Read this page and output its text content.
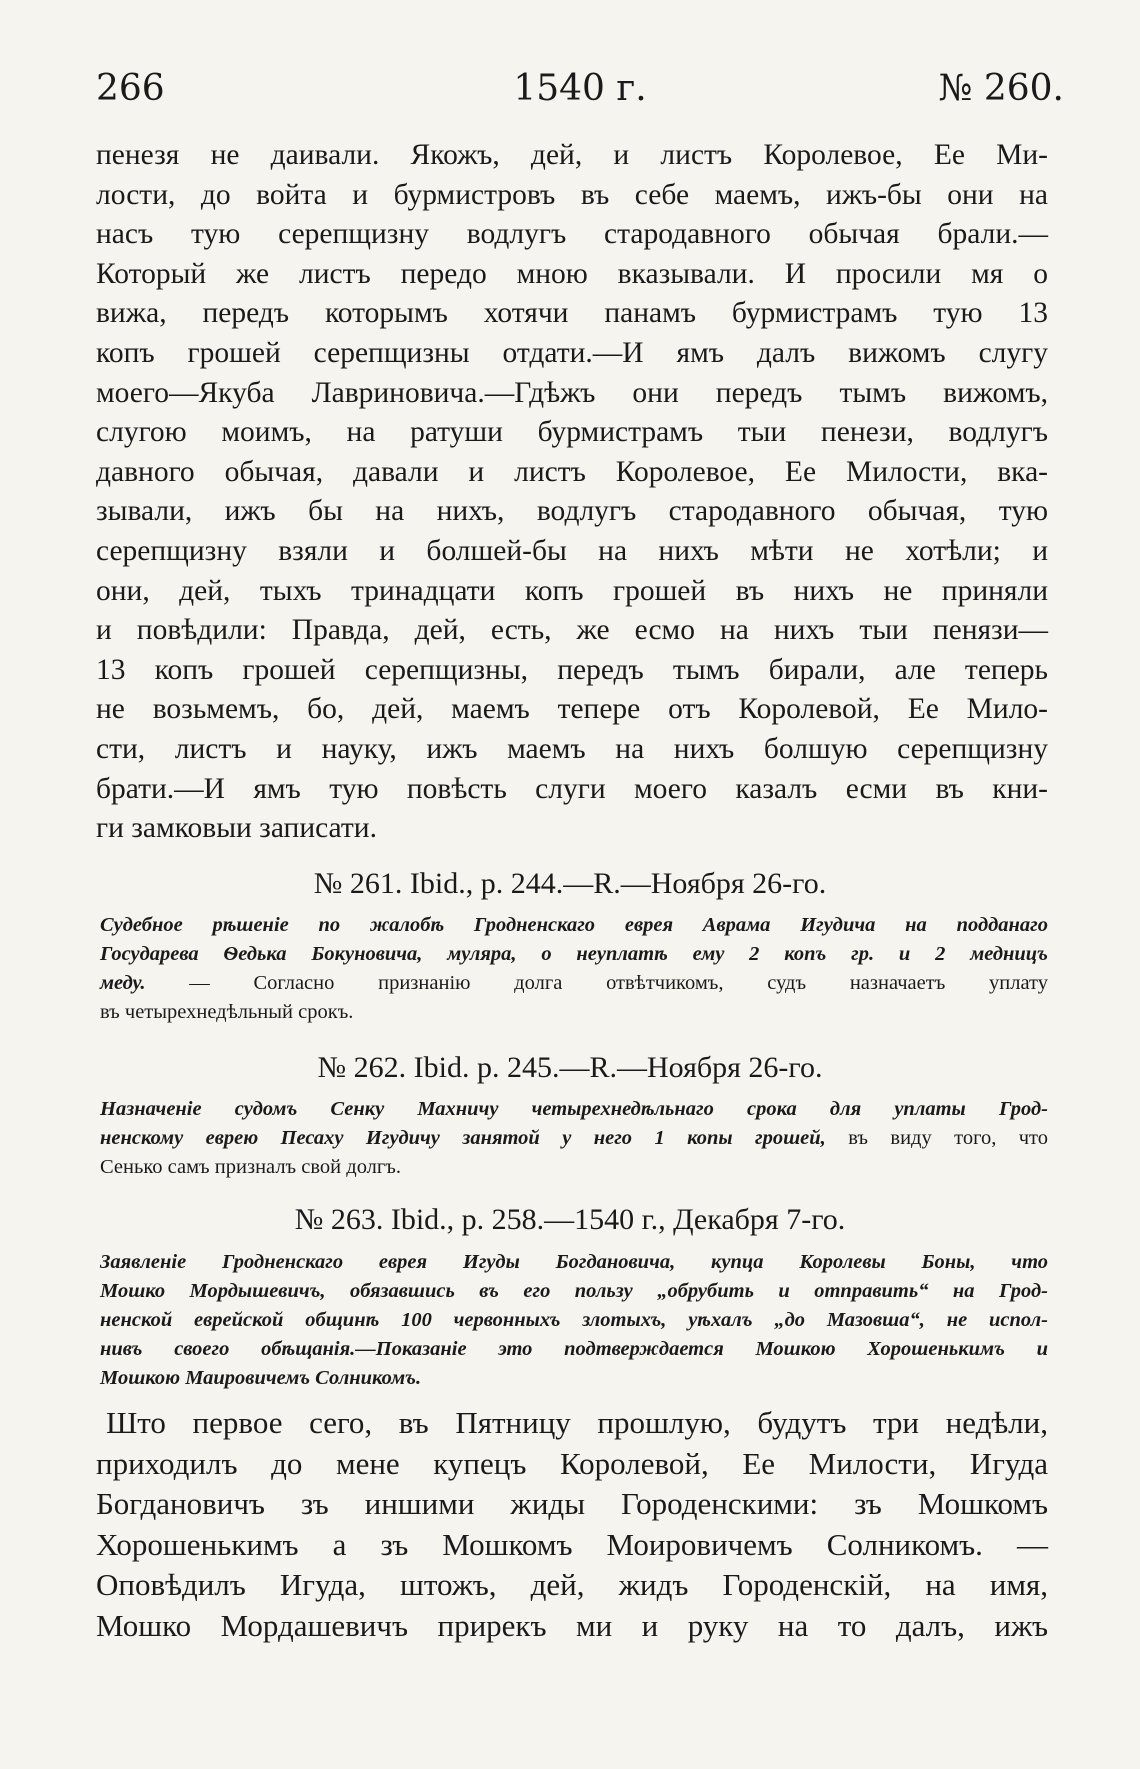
266	1540 г.	№ 260.
пенезя не даивали. Якожъ, дей, и листъ Королевое, Ее Ми-
лости, до войта и бурмистровъ въ себе маемъ, ижъ-бы они на
насъ тую серепщизну водлугъ стародавного обычая брали.—
Который же листъ передо мною вказывали. И просили мя о
вижа, передъ которымъ хотячи панамъ бурмистрамъ тую 13
копъ грошей серепщизны отдати.—И ямъ далъ вижомъ слугу
моего—Якуба Лавриновича.—Гдѣжъ они передъ тымъ вижомъ,
слугою моимъ, на ратуши бурмистрамъ тыи пенези, водлугъ
давного обычая, давали и листъ Королевое, Ее Милости, вка-
зывали, ижъ бы на нихъ, водлугъ стародавного обычая, тую
серепщизну взяли и болшей-бы на нихъ мѣти не хотѣли; и
они, дей, тыхъ тринадцати копъ грошей въ нихъ не приняли
и повѣдили: Правда, дей, есть, же есмо на нихъ тыи пенязи—
13 копъ грошей серепщизны, передъ тымъ бирали, але теперь
не возьмемъ, бо, дей, маемъ тепере отъ Королевой, Ее Мило-
сти, листъ и науку, ижъ маемъ на нихъ болшую серепщизну
брати.—И ямъ тую повѣсть слуги моего казалъ есми въ кни-
ги замковыи записати.
№ 261. Ibid., р. 244.—R.—Ноября 26-го.
Судебное рѣшеніе по жалобѣ Гродненскаго еврея Аврама Игудича на подданаго
Государева Ѳедька Бокуновича, муляра, о неуплатѣ ему 2 копъ гр. и 2 медницъ
меду. — Согласно признанію долга отвѣтчикомъ, судъ назначаетъ уплату
въ четырехнедѣльный срокъ.
№ 262. Ibid. р. 245.—R.—Ноября 26-го.
Назначеніе судомъ Сенку Махничу четырехнедѣльнаго срока для уплаты Грод-
ненскому еврею Песаху Игудичу занятой у него 1 копы грошей, въ виду того, что
Сенько самъ призналъ свой долгъ.
№ 263. Ibid., р. 258.—1540 г., Декабря 7-го.
Заявленіе Гродненскаго еврея Игуды Богдановича, купца Королевы Боны, что
Мошко Мордышевичъ, обязавшись въ его пользу „обрубить и отправить“ на Грод-
ненской еврейской общинѣ 100 червонныхъ злотыхъ, уѣхалъ „до Мазовша“, не испол-
нивъ своего обѣщанія.—Показаніе это подтверждается Мошкою Хорошенькимъ и
Мошкою Маировичемъ Солникомъ.
Што первое сего, въ Пятницу прошлую, будутъ три недѣли,
приходилъ до мене купецъ Королевой, Ее Милости, Игуда
Богдановичъ зъ иншими жиды Городенскими: зъ Мошкомъ
Хорошенькимъ а зъ Мошкомъ Моировичемъ Солникомъ. —
Оповѣдилъ Игуда, штожъ, дей, жидъ Городенскій, на имя,
Мошко Мордашевичъ прирекъ ми и руку на то далъ, ижъ
